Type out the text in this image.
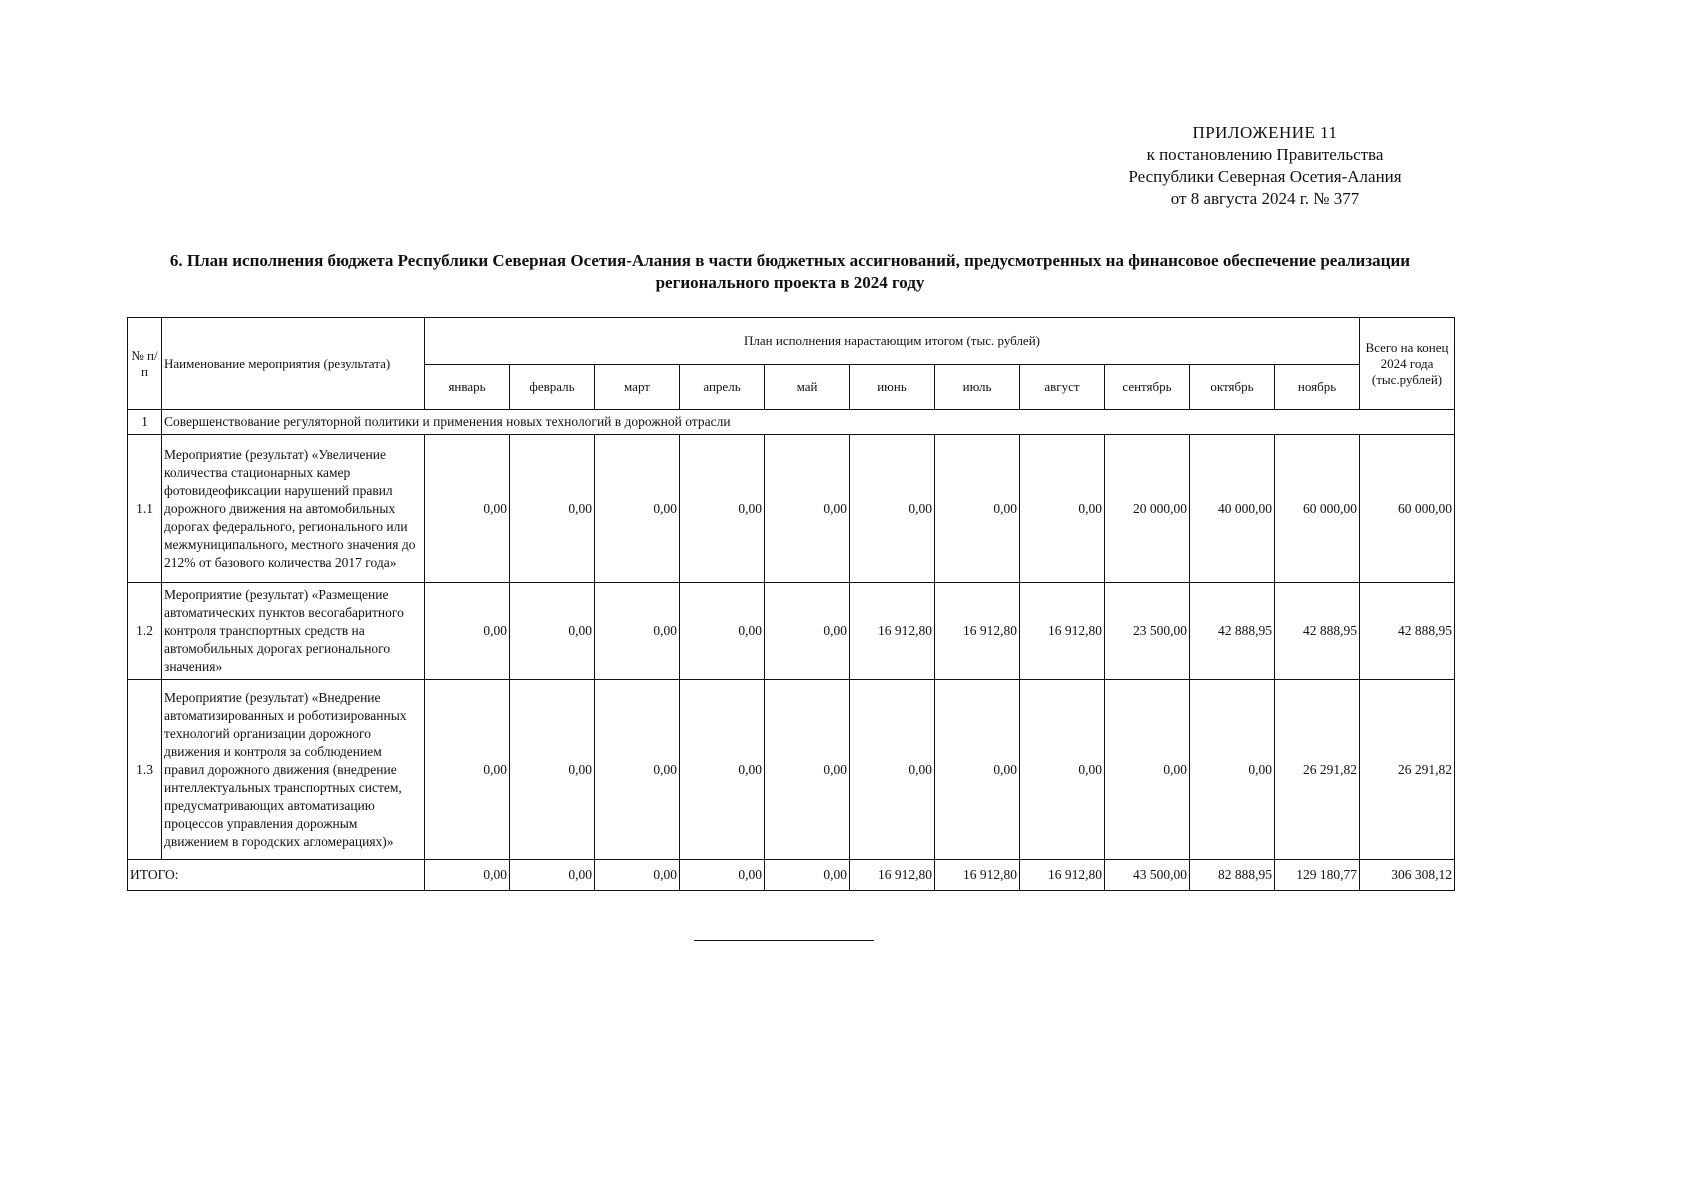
ПРИЛОЖЕНИЕ 11
к постановлению Правительства
Республики Северная Осетия-Алания
от 8 августа 2024 г. № 377
6. План исполнения бюджета Республики Северная Осетия-Алания в части бюджетных ассигнований, предусмотренных на финансовое обеспечение реализации
регионального проекта в 2024 году
№ п/п	Наименование мероприятия (результата)	План исполнения нарастающим итогом (тыс. рублей)											Всего на конец 2024 года (тыс.рублей)
		январь	февраль	март	апрель	май	июнь	июль	август	сентябрь	октябрь	ноябрь	
1	Совершенствование регуляторной политики и применения новых технологий в дорожной отрасли												
1.1	Мероприятие (результат) «Увеличение количества стационарных камер фотовидеофиксации нарушений правил дорожного движения на автомобильных дорогах федерального, регионального или межмуниципального, местного значения до 212% от базового количества 2017 года»	0,00	0,00	0,00	0,00	0,00	0,00	0,00	0,00	20 000,00	40 000,00	60 000,00	60 000,00
1.2	Мероприятие (результат) «Размещение автоматических пунктов весогабаритного контроля транспортных средств на автомобильных дорогах регионального значения»	0,00	0,00	0,00	0,00	0,00	16 912,80	16 912,80	16 912,80	23 500,00	42 888,95	42 888,95	42 888,95
1.3	Мероприятие (результат) «Внедрение автоматизированных и роботизированных технологий организации дорожного движения и контроля за соблюдением правил дорожного движения (внедрение интеллектуальных транспортных систем, предусматривающих автоматизацию процессов управления дорожным движением в городских агломерациях)»	0,00	0,00	0,00	0,00	0,00	0,00	0,00	0,00	0,00	0,00	26 291,82	26 291,82
ИТОГО:		0,00	0,00	0,00	0,00	0,00	16 912,80	16 912,80	16 912,80	43 500,00	82 888,95	129 180,77	306 308,12
